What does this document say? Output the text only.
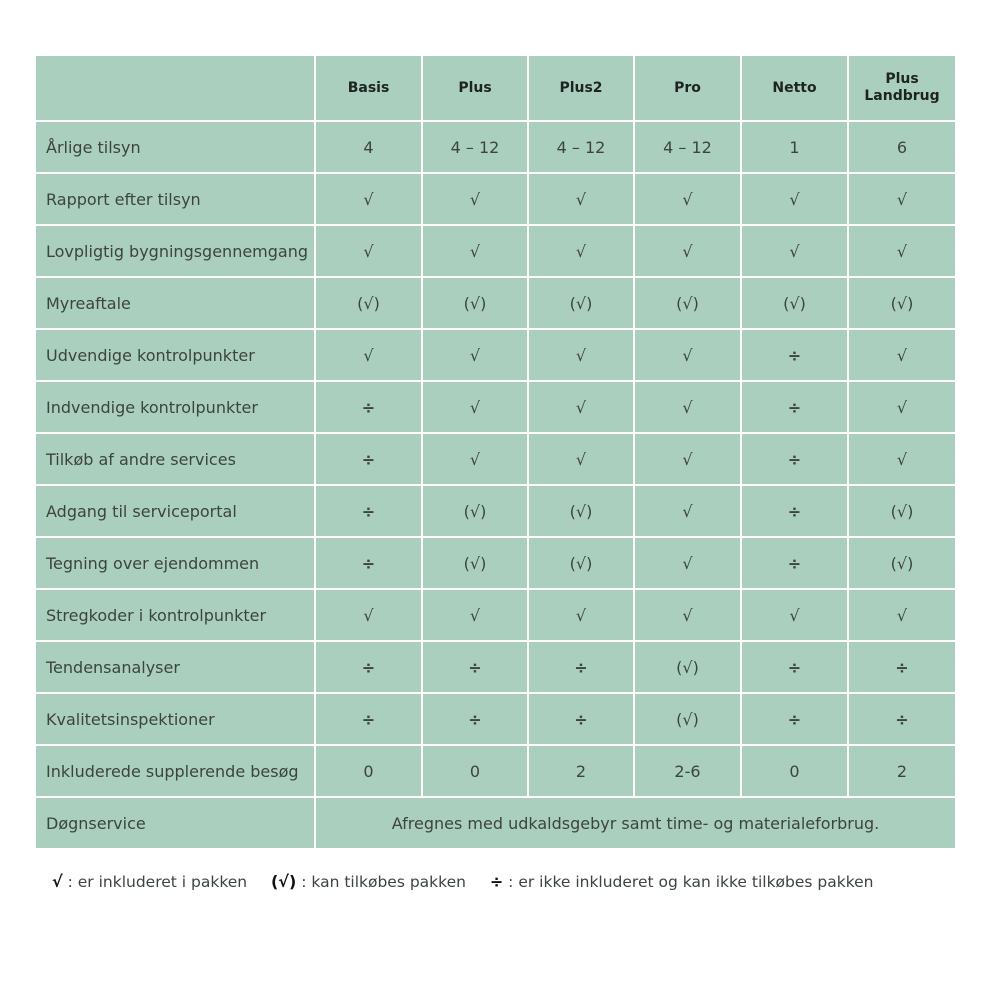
	Basis	Plus	Plus2	Pro	Netto	Plus
Landbrug
Årlige tilsyn	4	4 – 12	4 – 12	4 – 12	1	6
Rapport efter tilsyn	√	√	√	√	√	√
Lovpligtig bygningsgennemgang	√	√	√	√	√	√
Myreaftale	(√)	(√)	(√)	(√)	(√)	(√)
Udvendige kontrolpunkter	√	√	√	√	÷	√
Indvendige kontrolpunkter	÷	√	√	√	÷	√
Tilkøb af andre services	÷	√	√	√	÷	√
Adgang til serviceportal	÷	(√)	(√)	√	÷	(√)
Tegning over ejendommen	÷	(√)	(√)	√	÷	(√)
Stregkoder i kontrolpunkter	√	√	√	√	√	√
Tendensanalyser	÷	÷	÷	(√)	÷	÷
Kvalitetsinspektioner	÷	÷	÷	(√)	÷	÷
Inkluderede supplerende besøg	0	0	2	2-6	0	2
Døgnservice	Afregnes med udkaldsgebyr samt time- og materialeforbrug.					
√ : er inkluderet i pakken (√) : kan tilkøbes pakken ÷ : er ikke inkluderet og kan ikke tilkøbes pakken
